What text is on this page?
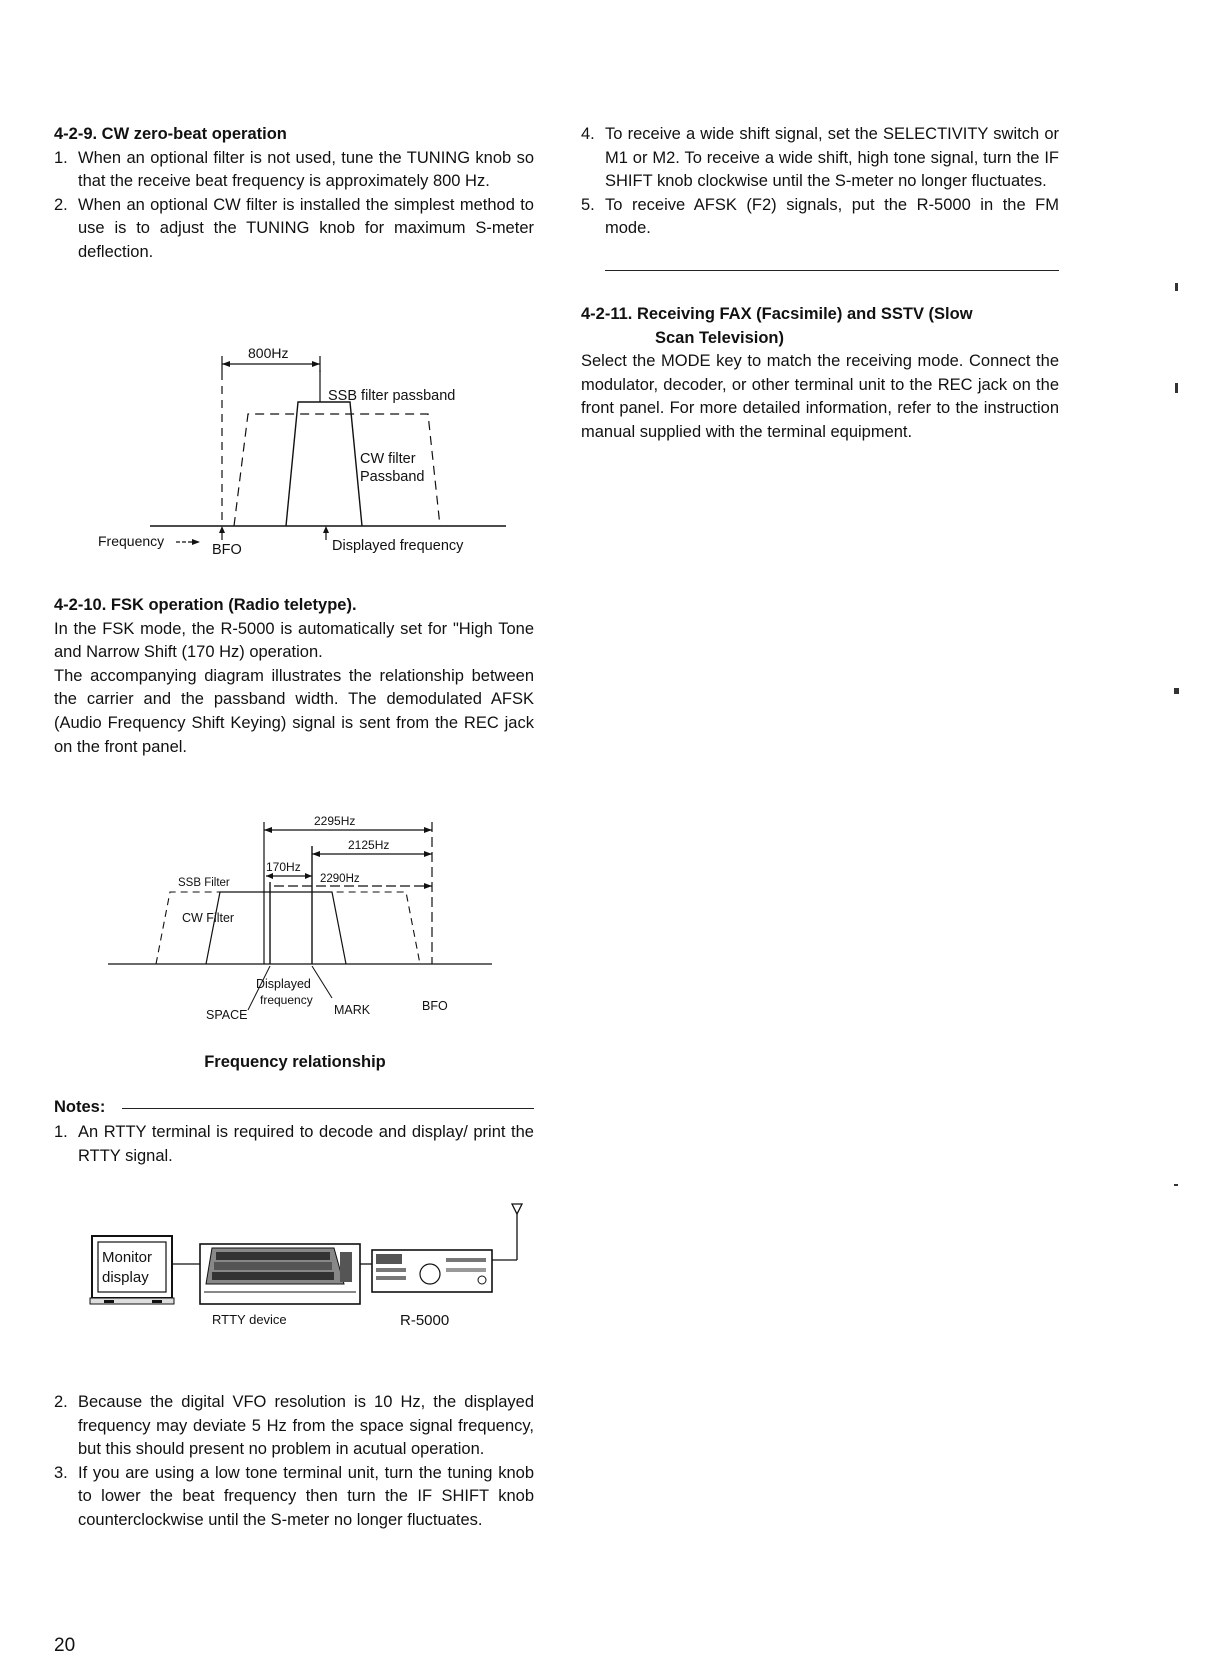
4-2-9. CW zero-beat operation
1. When an optional filter is not used, tune the TUNING knob so that the receive beat frequency is approximately 800 Hz.
2. When an optional CW filter is installed the simplest method to use is to adjust the TUNING knob for maximum S-meter deflection.
800Hz
SSB filter passband
CW filter
Passband
Frequency
BFO	Displayed frequency
4-2-10. FSK operation (Radio teletype).

In the FSK mode, the R-5000 is automatically set for "High Tone and Narrow Shift (170 Hz) operation.

The accompanying diagram illustrates the relationship between the carrier and the passband width. The demodulated AFSK (Audio Frequency Shift Keying) signal is sent from the REC jack on the front panel.

2295Hz
2125Hz
170Hz
2290Hz
SSB Filter
CW Filter
Displayed
frequency
SPACE	MARK	BFO
Frequency relationship
Notes:
1. An RTTY terminal is required to decode and display/ print the RTTY signal.
Monitor
display
RTTY device	R-5000
2. Because the digital VFO resolution is 10 Hz, the displayed frequency may deviate 5 Hz from the space signal frequency, but this should present no problem in acutual operation.
3. If you are using a low tone terminal unit, turn the tuning knob to lower the beat frequency then turn the IF SHIFT knob counterclockwise until the S-meter no longer fluctuates.
20
4. To receive a wide shift signal, set the SELECTIVITY switch or M1 or M2. To receive a wide shift, high tone signal, turn the IF SHIFT knob clockwise until the S-meter no longer fluctuates.
5. To receive AFSK (F2) signals, put the R-5000 in the FM mode.
4-2-11. Receiving FAX (Facsimile) and SSTV (Slow
Scan Television)

Select the MODE key to match the receiving mode. Connect the modulator, decoder, or other terminal unit to the REC jack on the front panel. For more detailed information, refer to the instruction manual supplied with the terminal equipment.
